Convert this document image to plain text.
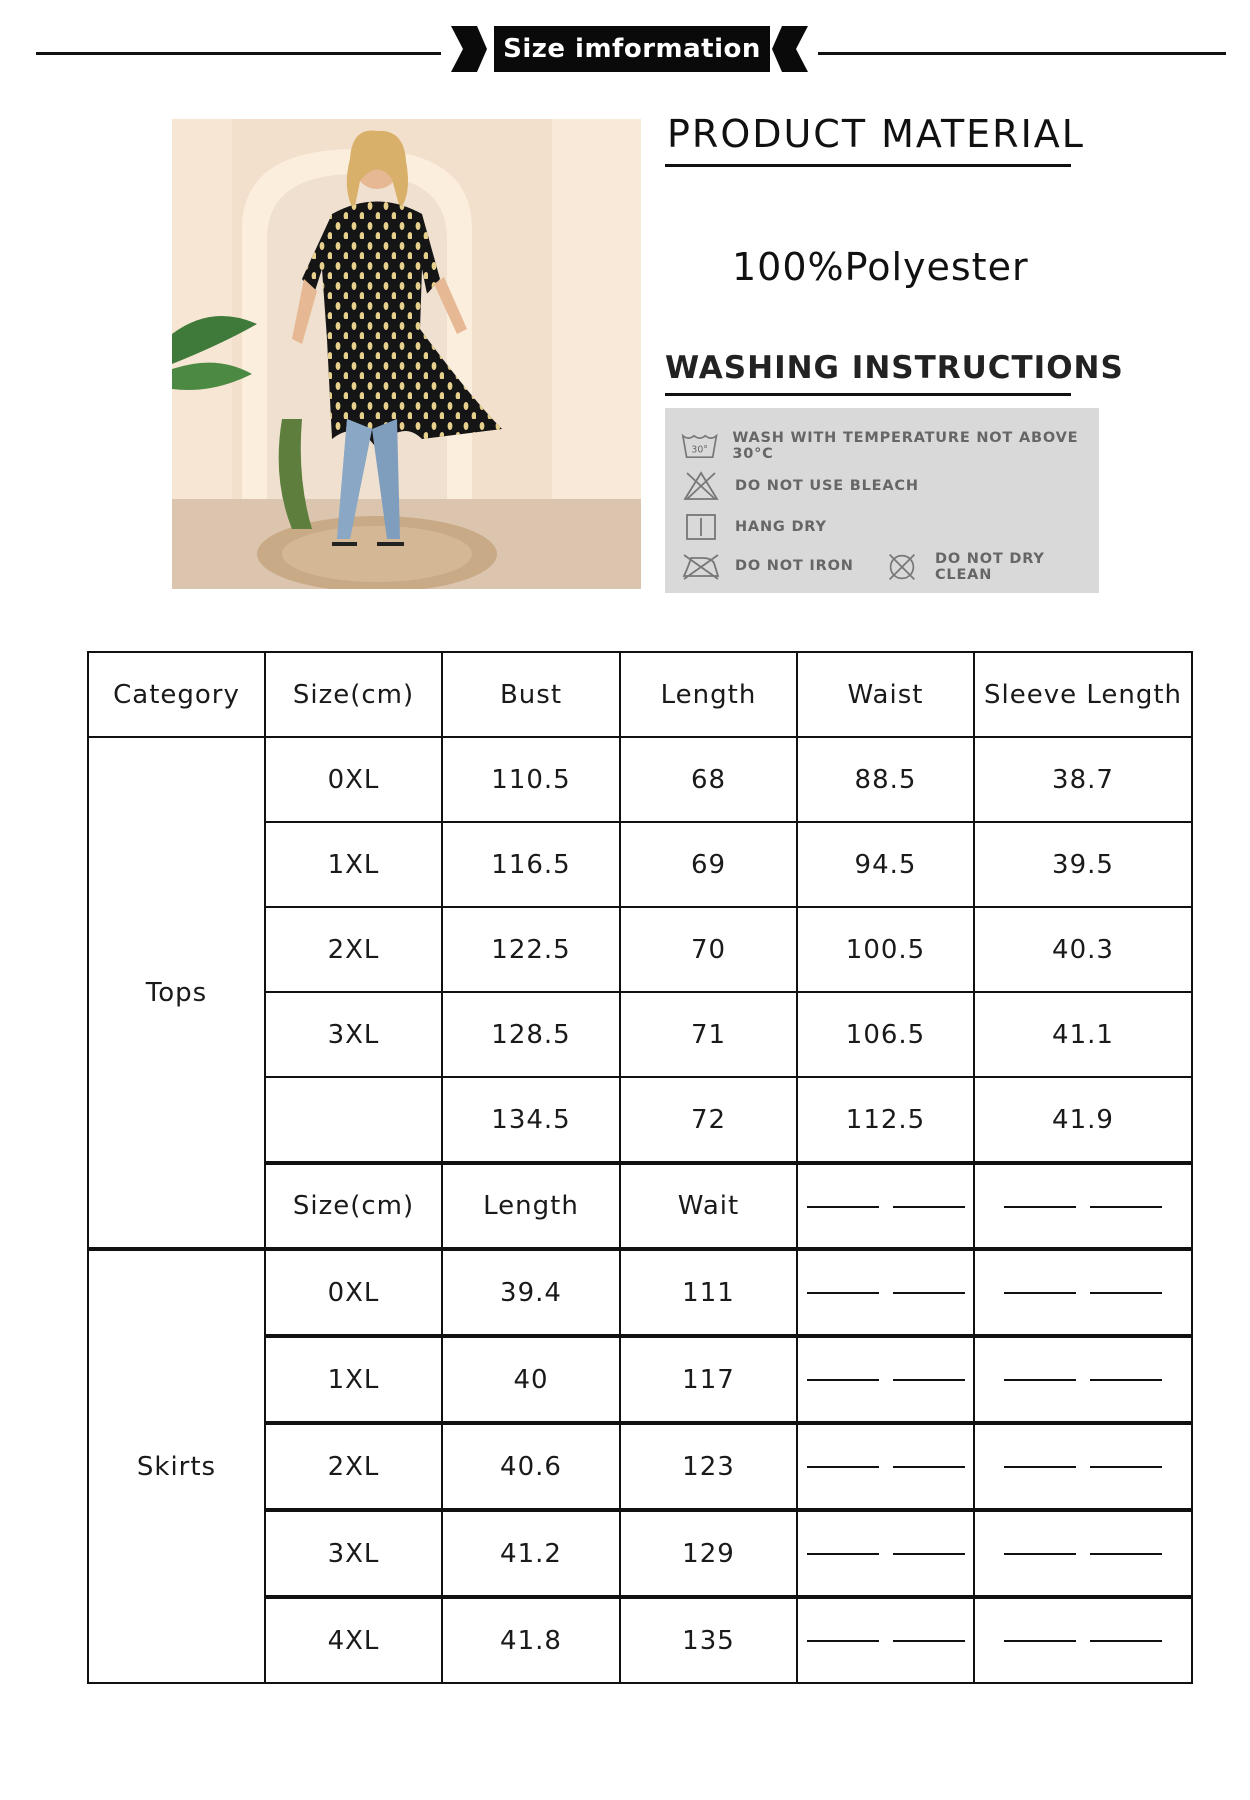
Size imformation
PRODUCT MATERIAL
100%Polyester
WASHING INSTRUCTIONS
30°
WASH WITH TEMPERATURE NOT ABOVE 30°C
DO NOT USE BLEACH
HANG DRY
DO NOT IRON	DO NOT DRY CLEAN
Category	Size(cm)	Bust	Length	Waist	Sleeve Length
Tops	0XL	110.5	68	88.5	38.7
	1XL	116.5	69	94.5	39.5
	2XL	122.5	70	100.5	40.3
	3XL	128.5	71	106.5	41.1
		134.5	72	112.5	41.9
	Size(cm)	Length	Wait		
Skirts	0XL	39.4	111		
	1XL	40	117		
	2XL	40.6	123		
	3XL	41.2	129		
	4XL	41.8	135		
